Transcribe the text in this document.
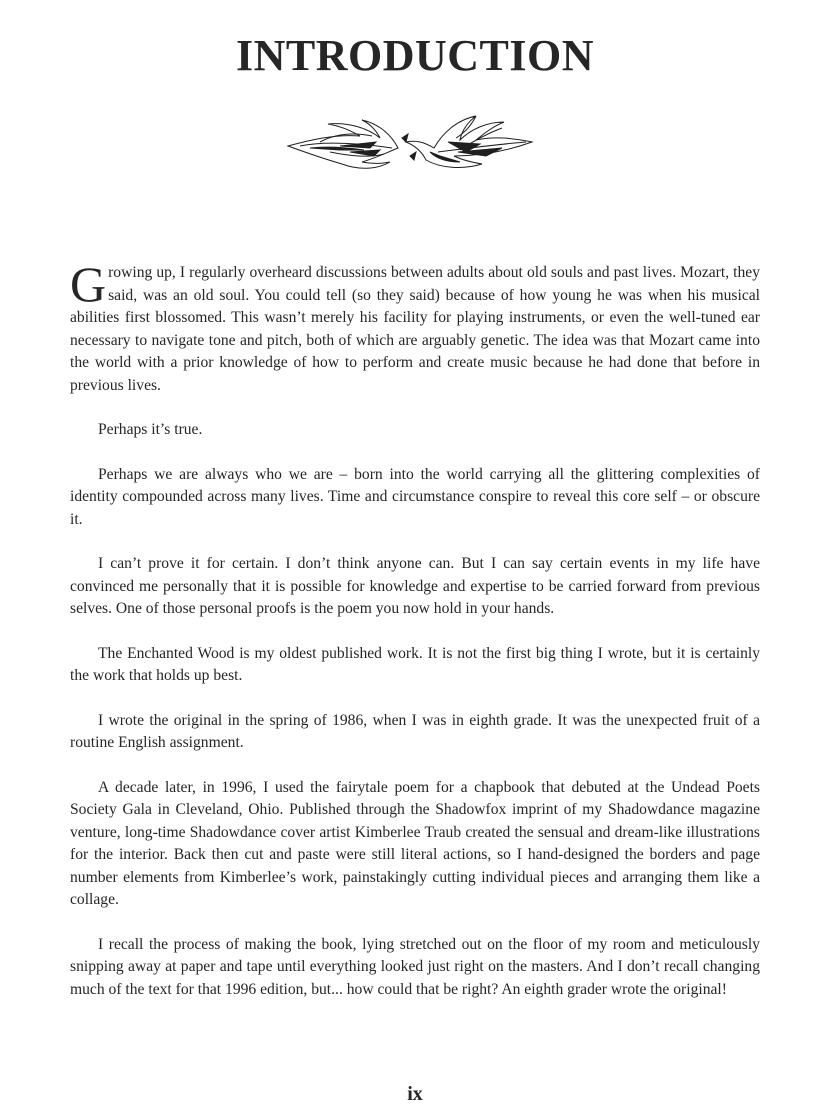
INTRODUCTION

Growing up, I regularly overheard discussions between adults about old souls and past lives. Mozart, they said, was an old soul. You could tell (so they said) because of how young he was when his musical abilities first blossomed. This wasn’t merely his facility for playing instruments, or even the well-tuned ear necessary to navigate tone and pitch, both of which are arguably genetic. The idea was that Mozart came into the world with a prior knowledge of how to perform and create music because he had done that before in previous lives.

Perhaps it’s true.

Perhaps we are always who we are – born into the world carrying all the glittering complexities of identity compounded across many lives. Time and circumstance conspire to reveal this core self – or obscure it.

I can’t prove it for certain. I don’t think anyone can. But I can say certain events in my life have convinced me personally that it is possible for knowledge and expertise to be carried forward from previous selves. One of those personal proofs is the poem you now hold in your hands.

The Enchanted Wood is my oldest published work. It is not the first big thing I wrote, but it is certainly the work that holds up best.

I wrote the original in the spring of 1986, when I was in eighth grade. It was the unexpected fruit of a routine English assignment.

A decade later, in 1996, I used the fairytale poem for a chapbook that debuted at the Undead Poets Society Gala in Cleveland, Ohio. Published through the Shadowfox imprint of my Shadowdance magazine venture, long-time Shadowdance cover artist Kimberlee Traub created the sensual and dream-like illustrations for the interior. Back then cut and paste were still literal actions, so I hand-designed the borders and page number elements from Kimberlee’s work, painstakingly cutting individual pieces and arranging them like a collage.

I recall the process of making the book, lying stretched out on the floor of my room and meticulously snipping away at paper and tape until everything looked just right on the masters. And I don’t recall changing much of the text for that 1996 edition, but... how could that be right? An eighth grader wrote the original!

ix
